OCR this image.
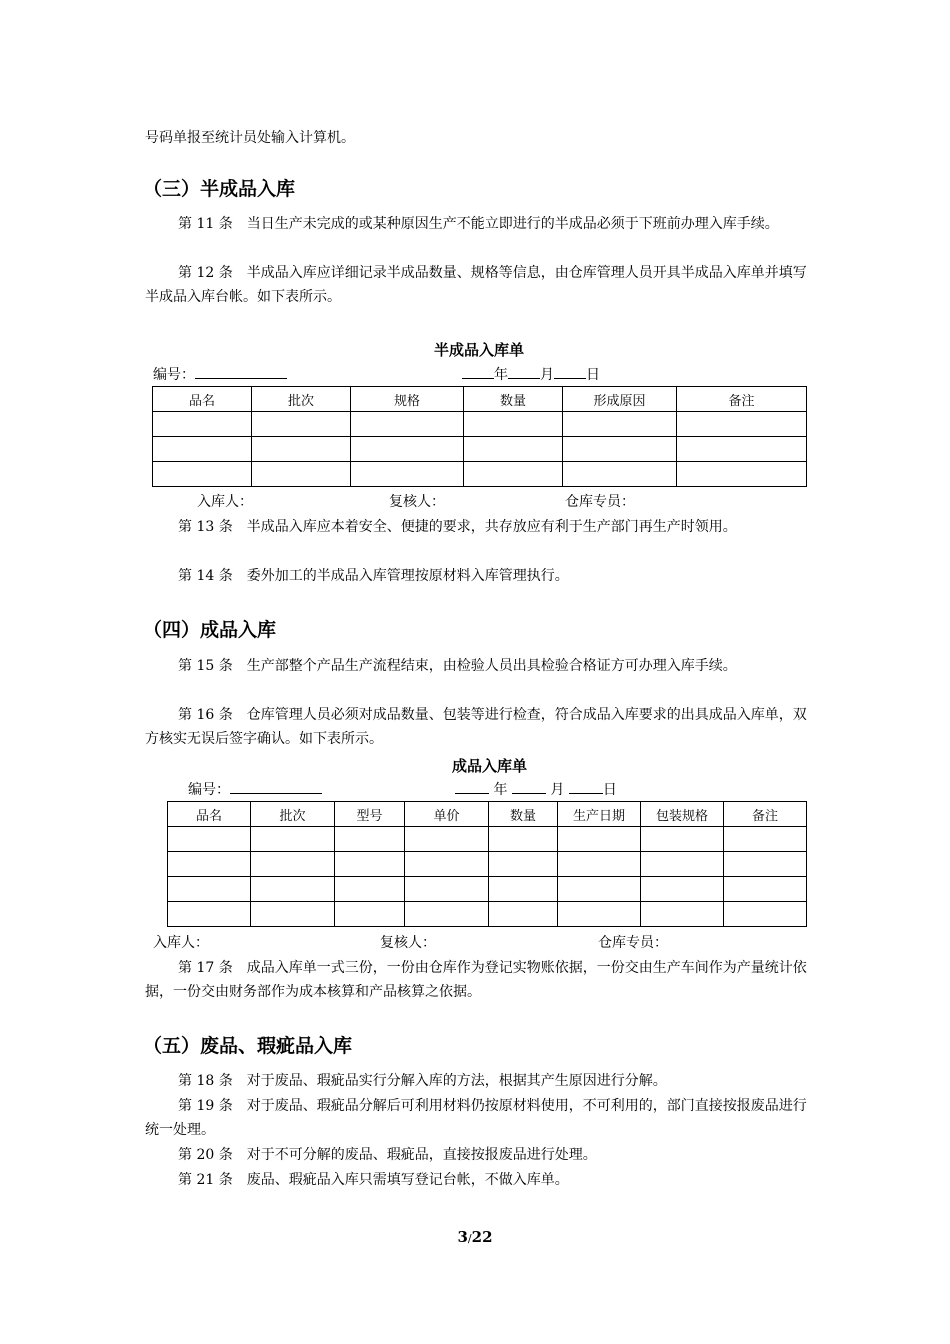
号码单报至统计员处输入计算机。

（三）半成品入库

第 11 条 当日生产未完成的或某种原因生产不能立即进行的半成品必须于下班前办理入库手续。

第 12 条 半成品入库应详细记录半成品数量、规格等信息，由仓库管理人员开具半成品入库单并填写半成品入库台帐。如下表所示。

半成品入库单
编号：	年 月 日
品名	批次	规格	数量	形成原因	备注

入库人：	复核人：	仓库专员：

第 13 条 半成品入库应本着安全、便捷的要求，共存放应有利于生产部门再生产时领用。

第 14 条 委外加工的半成品入库管理按原材料入库管理执行。

（四）成品入库

第 15 条 生产部整个产品生产流程结束，由检验人员出具检验合格证方可办理入库手续。

第 16 条 仓库管理人员必须对成品数量、包装等进行检查，符合成品入库要求的出具成品入库单，双方核实无误后签字确认。如下表所示。

成品入库单
编号：	年	月	日
品名	批次	型号	单价	数量	生产日期	包装规格	备注

入库人：	复核人：	仓库专员：

第 17 条 成品入库单一式三份，一份由仓库作为登记实物账依据，一份交由生产车间作为产量统计依据，一份交由财务部作为成本核算和产品核算之依据。

（五）废品、瑕疵品入库

第 18 条 对于废品、瑕疵品实行分解入库的方法，根据其产生原因进行分解。

第 19 条 对于废品、瑕疵品分解后可利用材料仍按原材料使用，不可利用的，部门直接按报废品进行统一处理。

第 20 条 对于不可分解的废品、瑕疵品，直接按报废品进行处理。

第 21 条 废品、瑕疵品入库只需填写登记台帐，不做入库单。

3/22
